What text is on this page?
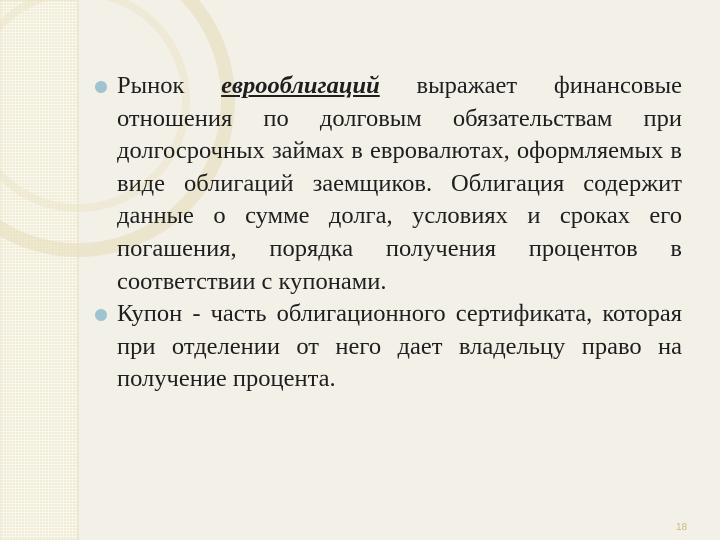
Рынок еврооблигаций выражает финансовые отношения по долговым обязательствам при долгосрочных займах в евровалютах, оформляемых в виде облигаций заемщиков. Облигация содержит данные о сумме долга, условиях и сроках его погашения, порядка получения процентов в соответствии с купонами.

Купон - часть облигационного сертификата, которая при отделении от него дает владельцу право на получение процента.

18
